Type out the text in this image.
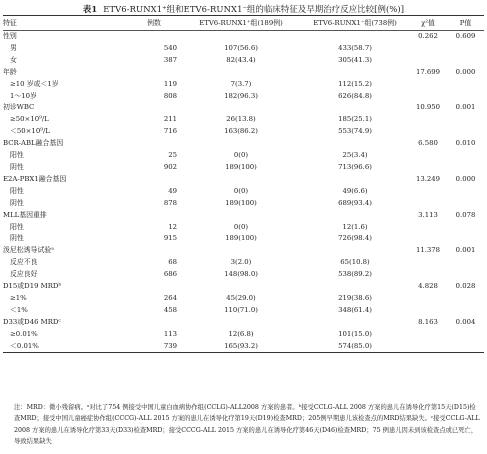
表1 ETV6-RUNX1⁺组和ETV6-RUNX1⁻组的临床特征及早期治疗反应比较[例(%)]
特征	例数	ETV6-RUNX1⁺组(189例)	ETV6-RUNX1⁻组(738例)	χ²值	P值
性别				0.262	0.609
男	540	107(56.6)	433(58.7)		
女	387	82(43.4)	305(41.3)		
年龄				17.699	0.000
≥10 岁或＜1岁	119	7(3.7)	112(15.2)		
1～10岁	808	182(96.3)	626(84.8)		
初诊WBC				10.950	0.001
≥50×10⁹/L	211	26(13.8)	185(25.1)		
＜50×10⁹/L	716	163(86.2)	553(74.9)		
BCR-ABL融合基因				6.580	0.010
阳性	25	0(0)	25(3.4)		
阴性	902	189(100)	713(96.6)		
E2A-PBX1融合基因				13.249	0.000
阳性	49	0(0)	49(6.6)		
阴性	878	189(100)	689(93.4)		
MLL基因重排				3.113	0.078
阳性	12	0(0)	12(1.6)		
阴性	915	189(100)	726(98.4)		
泼尼松诱导试验ᵃ				11.378	0.001
反应不良	68	3(2.0)	65(10.8)		
反应良好	686	148(98.0)	538(89.2)		
D15或D19 MRDᵇ				4.828	0.028
≥1%	264	45(29.0)	219(38.6)		
＜1%	458	110(71.0)	348(61.4)		
D33或D46 MRDᶜ				8.163	0.004
≥0.01%	113	12(6.8)	101(15.0)		
＜0.01%	739	165(93.2)	574(85.0)		
注：MRD：微小残留病。ᵃ对比了754 例接受中国儿童白血病协作组(CCLG)-ALL2008 方案的患者。ᵇ接受CCLG-ALL 2008 方案的患儿在诱导化疗第15天(D15)检查MRD；接受中国儿童癌症协作组(CCCG)-ALL 2015 方案的患儿在诱导化疗第19天(D19)检查MRD；205例早期患儿该检查点的MRD结果缺失。ᶜ接受CCLG-ALL 2008 方案的患儿在诱导化疗第33天(D33)检查MRD；接受CCCG-ALL 2015 方案的患儿在诱导化疗第46天(D46)检查MRD；75 例患儿因未到该检查点或已死亡，导致结果缺失
